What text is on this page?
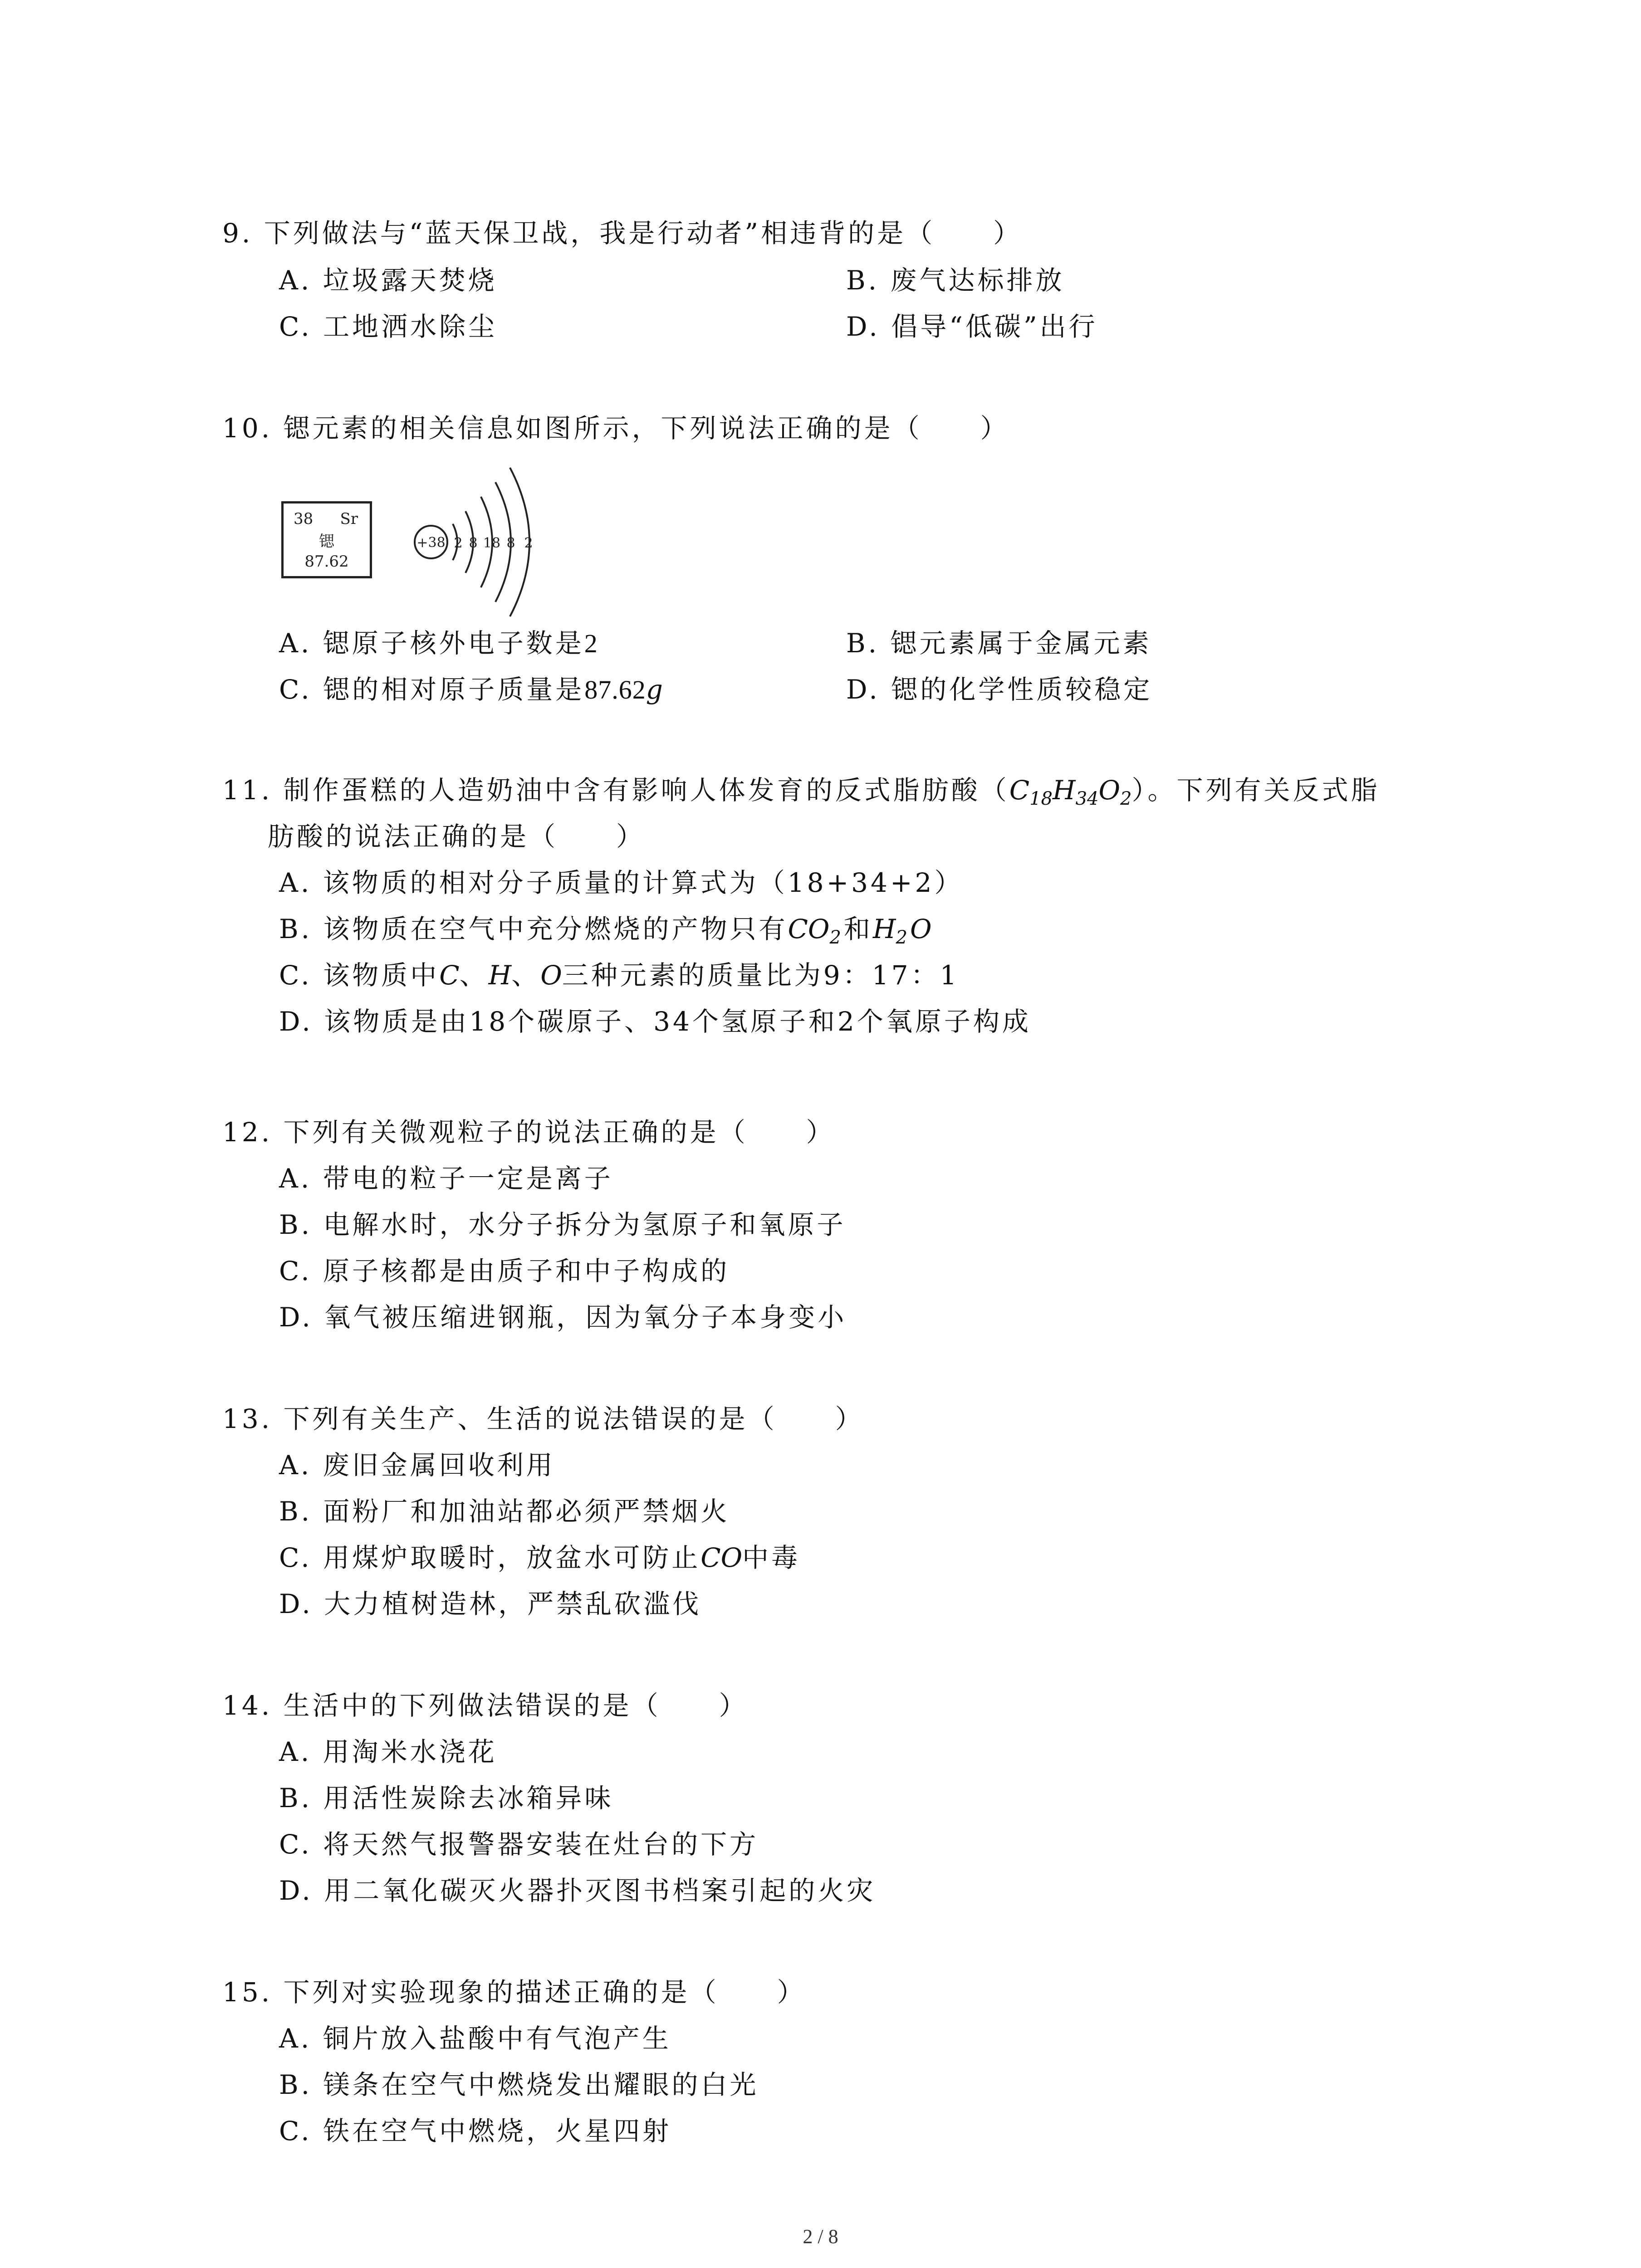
9. 下列做法与“蓝天保卫战，我是行动者”相违背的是（　　）
A. 垃圾露天焚烧	B. 废气达标排放
C. 工地洒水除尘	D. 倡导“低碳”出行
10. 锶元素的相关信息如图所示，下列说法正确的是（　　）
38 Sr
锶
87.62
+38 2 8 18 8 2
A. 锶原子核外电子数是2	B. 锶元素属于金属元素
C. 锶的相对原子质量是87.62g	D. 锶的化学性质较稳定
11. 制作蛋糕的人造奶油中含有影响人体发育的反式脂肪酸$(C_{18}H_{34}O_2)$。下列有关反式脂
肪酸的说法正确的是（　　）
A. 该物质的相对分子质量的计算式为（18+34+2）
B. 该物质在空气中充分燃烧的产物只有$CO_2$和$H_2O$
C. 该物质中C、H、O三种元素的质量比为9：17：1
D. 该物质是由18个碳原子、34个氢原子和2个氧原子构成
12. 下列有关微观粒子的说法正确的是（　　）
A. 带电的粒子一定是离子
B. 电解水时，水分子拆分为氢原子和氧原子
C. 原子核都是由质子和中子构成的
D. 氧气被压缩进钢瓶，因为氧分子本身变小
13. 下列有关生产、生活的说法错误的是（　　）
A. 废旧金属回收利用
B. 面粉厂和加油站都必须严禁烟火
C. 用煤炉取暖时，放盆水可防止CO中毒
D. 大力植树造林，严禁乱砍滥伐
14. 生活中的下列做法错误的是（　　）
A. 用淘米水浇花
B. 用活性炭除去冰箱异味
C. 将天然气报警器安装在灶台的下方
D. 用二氧化碳灭火器扑灭图书档案引起的火灾
15. 下列对实验现象的描述正确的是（　　）
A. 铜片放入盐酸中有气泡产生
B. 镁条在空气中燃烧发出耀眼的白光
C. 铁在空气中燃烧，火星四射
2 / 8
